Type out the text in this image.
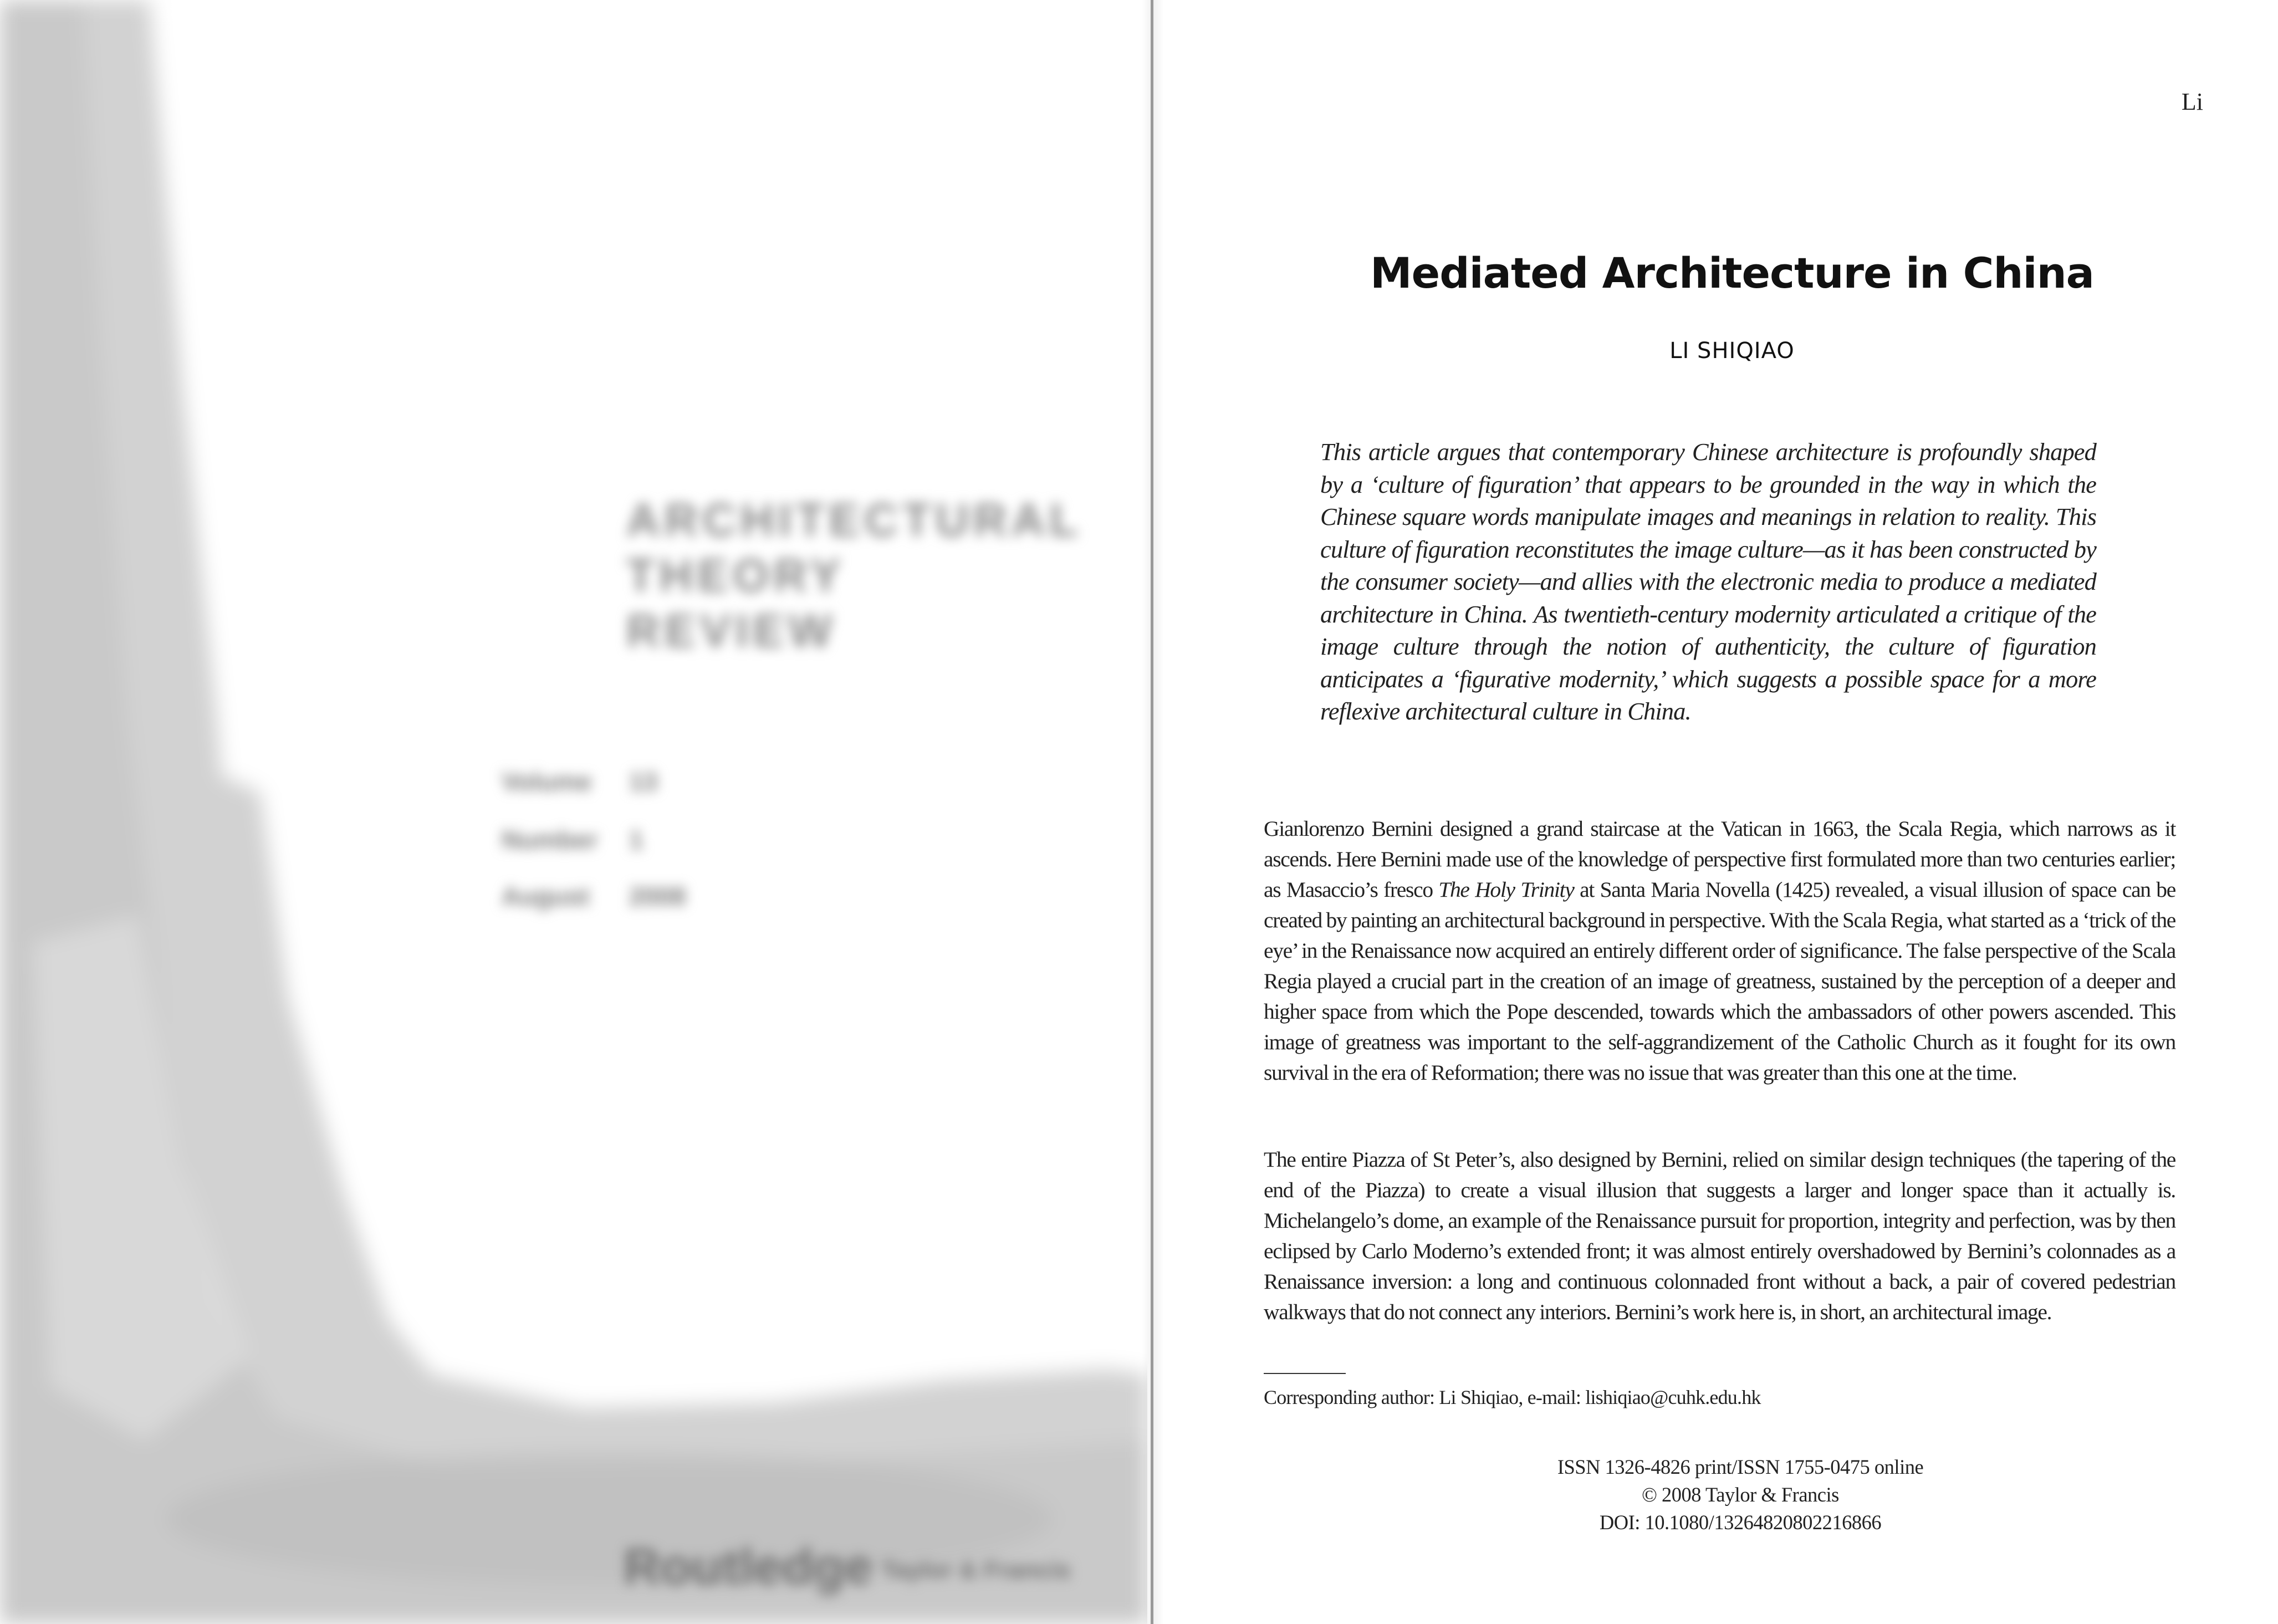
ARCHITECTURAL
THEORY
REVIEW
Volume 13
Number 1
August 2008
Routledge Taylor & Francis
Li
Mediated Architecture in China
LI SHIQIAO

This article argues that contemporary Chinese architecture is profoundly shaped by a ‘culture of figuration’ that appears to be grounded in the way in which the Chinese square words manipulate images and meanings in relation to reality. This culture of figuration reconstitutes the image culture—as it has been constructed by the consumer society—and allies with the electronic media to produce a mediated architecture in China. As twentieth-century modernity articulated a critique of the image culture through the notion of authenticity, the culture of figuration anticipates a ‘figurative modernity,’ which suggests a possible space for a more reflexive architectural culture in China.

Gianlorenzo Bernini designed a grand staircase at the Vatican in 1663, the Scala Regia, which narrows as it ascends. Here Bernini made use of the knowledge of perspective first formulated more than two centuries earlier; as Masaccio’s fresco The Holy Trinity at Santa Maria Novella (1425) revealed, a visual illusion of space can be created by painting an architectural background in perspective. With the Scala Regia, what started as a ‘trick of the eye’ in the Renaissance now acquired an entirely different order of significance. The false perspective of the Scala Regia played a crucial part in the creation of an image of greatness, sustained by the perception of a deeper and higher space from which the Pope descended, towards which the ambassadors of other powers ascended. This image of greatness was important to the self-aggrandizement of the Catholic Church as it fought for its own survival in the era of Reformation; there was no issue that was greater than this one at the time.

The entire Piazza of St Peter’s, also designed by Bernini, relied on similar design techniques (the tapering of the end of the Piazza) to create a visual illusion that suggests a larger and longer space than it actually is. Michelangelo’s dome, an example of the Renaissance pursuit for proportion, integrity and perfection, was by then eclipsed by Carlo Moderno’s extended front; it was almost entirely overshadowed by Bernini’s colonnades as a Renaissance inversion: a long and continuous colonnaded front without a back, a pair of covered pedestrian walkways that do not connect any interiors. Bernini’s work here is, in short, an architectural image.

Corresponding author: Li Shiqiao, e-mail: lishiqiao@cuhk.edu.hk
ISSN 1326-4826 print/ISSN 1755-0475 online
© 2008 Taylor & Francis
DOI: 10.1080/13264820802216866
